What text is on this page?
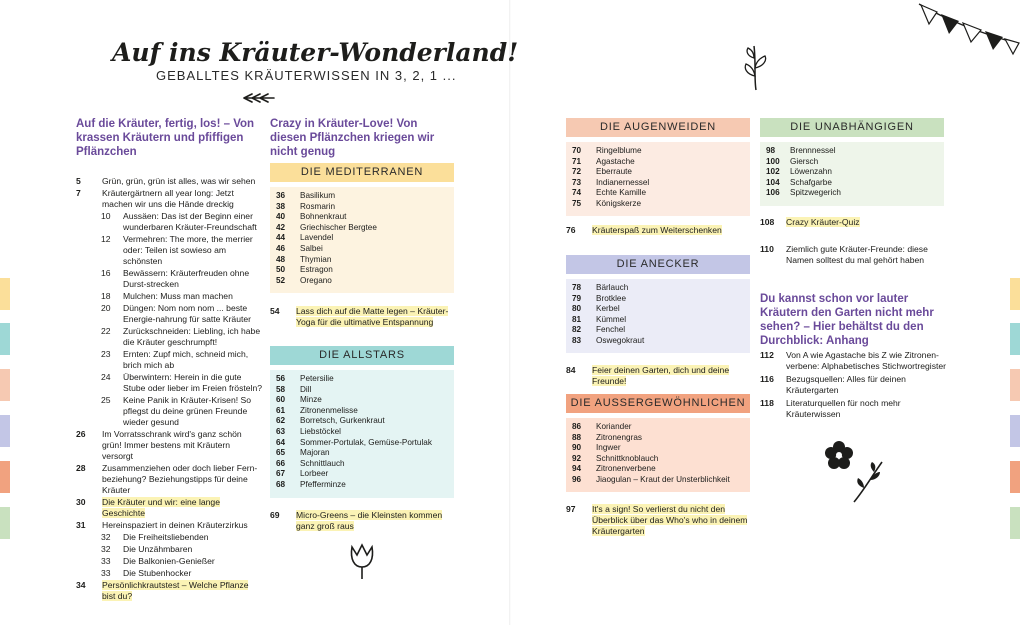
Auf ins Kräuter-Wonderland!
GEBALLTES KRÄUTERWISSEN IN 3, 2, 1 ...
Auf die Kräuter, fertig, los! – Von krassen Kräutern und pfiffigen Pflänzchen
5	Grün, grün, grün ist alles, was wir sehen
7	Kräutergärtnern all year long: Jetzt machen wir uns die Hände dreckig
10	Aussäen: Das ist der Beginn einer wunderbaren Kräuter-Freundschaft
12	Vermehren: The more, the merrier oder: Teilen ist sowieso am schönsten
16	Bewässern: Kräuterfreuden ohne Durst-strecken
18	Mulchen: Muss man machen
20	Düngen: Nom nom nom ... beste Energie-nahrung für satte Kräuter
22	Zurückschneiden: Liebling, ich habe die Kräuter geschrumpft!
23	Ernten: Zupf mich, schneid mich, brich mich ab
24	Überwintern: Herein in die gute Stube oder lieber im Freien frösteln?
25	Keine Panik in Kräuter-Krisen! So pflegst du deine grünen Freunde wieder gesund
26	Im Vorratsschrank wird's ganz schön grün! Immer bestens mit Kräutern versorgt
28	Zusammenziehen oder doch lieber Fern-beziehung? Beziehungstipps für deine Kräuter
30	Die Kräuter und wir: eine lange Geschichte
31	Hereinspaziert in deinen Kräuterzirkus
32	Die Freiheitsliebenden
32	Die Unzähmbaren
33	Die Balkonien-Genießer
33	Die Stubenhocker
34	Persönlichkrautstest – Welche Pflanze bist du?
Crazy in Kräuter-Love! Von diesen Pflänzchen kriegen wir nicht genug
DIE MEDITERRANEN
36 Basilikum
38 Rosmarin
40 Bohnenkraut
42 Griechischer Bergtee
44 Lavendel
46 Salbei
48 Thymian
50 Estragon
52 Oregano
54	Lass dich auf die Matte legen – Kräuter-Yoga für die ultimative Entspannung
DIE ALLSTARS
56 Petersilie
58 Dill
60 Minze
61 Zitronenmelisse
62 Borretsch, Gurkenkraut
63 Liebstöckel
64 Sommer-Portulak, Gemüse-Portulak
65 Majoran
66 Schnittlauch
67 Lorbeer
68 Pfefferminze
69	Micro-Greens – die Kleinsten kommen ganz groß raus
DIE AUGENWEIDEN
70 Ringelblume
71 Agastache
72 Eberraute
73 Indianernessel
74 Echte Kamille
75 Königskerze
76	Kräuterspaß zum Weiterschenken
DIE ANECKER
78 Bärlauch
79 Brotklee
80 Kerbel
81 Kümmel
82 Fenchel
83 Oswegokraut
84	Feier deinen Garten, dich und deine Freunde!
DIE AUSSERGEWÖHNLICHEN
86 Koriander
88 Zitronengras
90 Ingwer
92 Schnittknoblauch
94 Zitronenverbene
96 Jiaogulan – Kraut der Unsterblichkeit
97	It's a sign! So verlierst du nicht den Überblick über das Who's who in deinem Kräutergarten
DIE UNABHÄNGIGEN
98 Brennnessel
100 Giersch
102 Löwenzahn
104 Schafgarbe
106 Spitzwegerich
108	Crazy Kräuter-Quiz
110	Ziemlich gute Kräuter-Freunde: diese Namen solltest du mal gehört haben
Du kannst schon vor lauter Kräutern den Garten nicht mehr sehen? – Hier behältst du den Durchblick: Anhang
112	Von A wie Agastache bis Z wie Zitronen-verbene: Alphabetisches Stichwortregister
116	Bezugsquellen: Alles für deinen Kräutergarten
118	Literaturquellen für noch mehr Kräuterwissen
